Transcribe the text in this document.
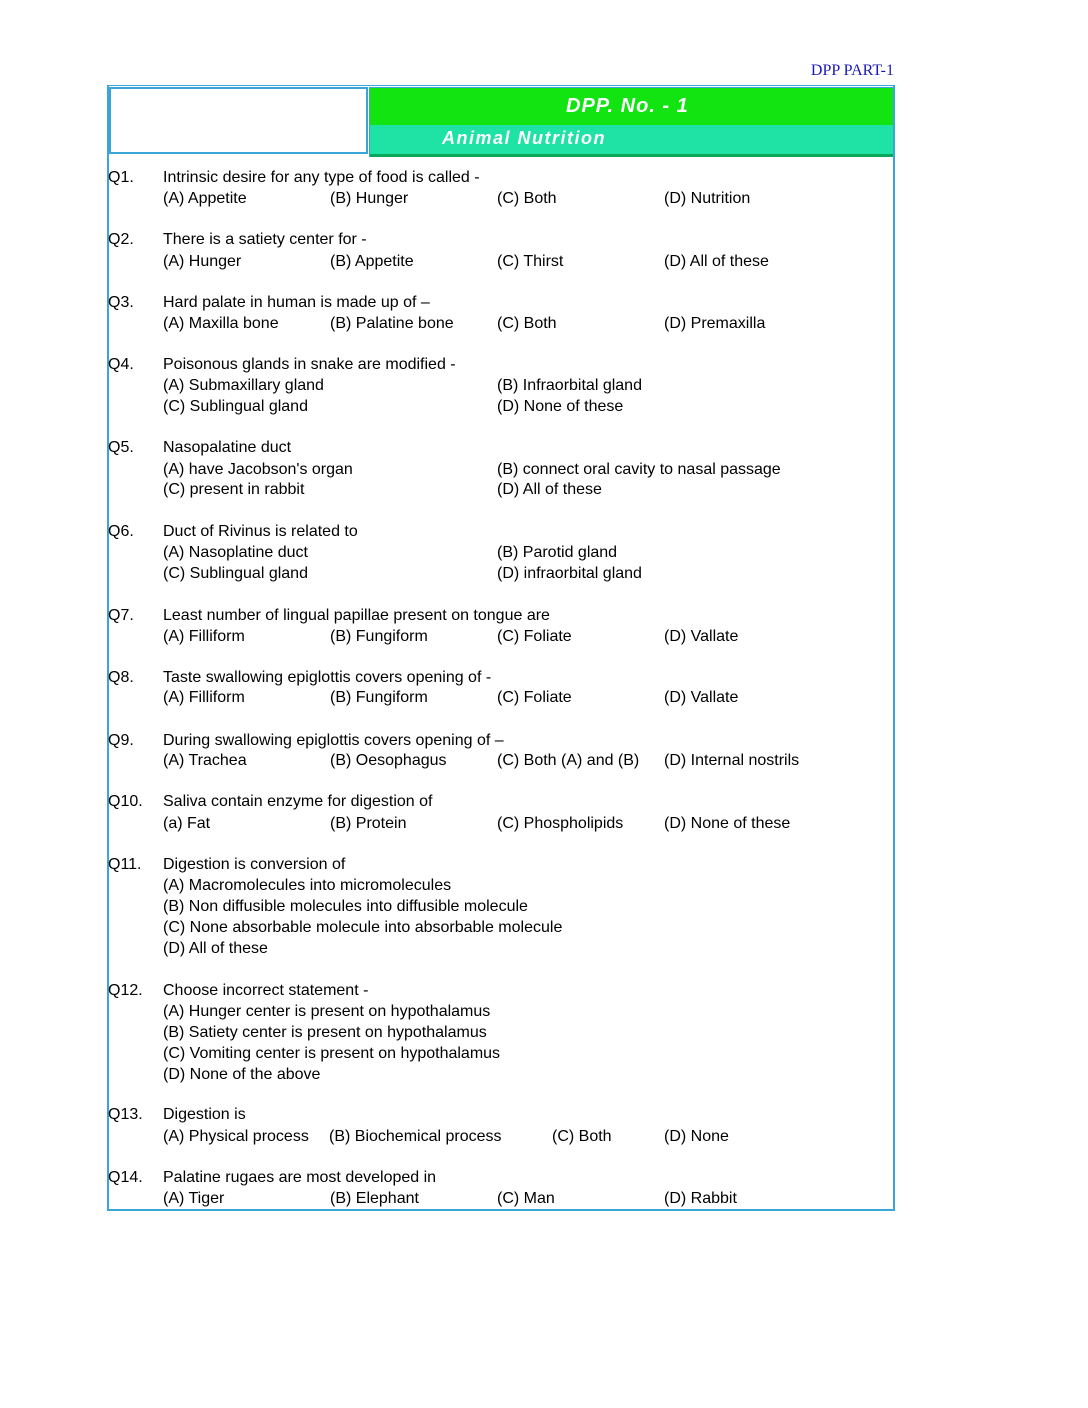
DPP PART-1
DPP. No. - 1
Animal Nutrition
Q1. Intrinsic desire for any type of food is called -
(A) Appetite	(B) Hunger	(C) Both	(D) Nutrition
Q2. There is a satiety center for -
(A) Hunger	(B) Appetite	(C) Thirst	(D) All of these
Q3. Hard palate in human is made up of –
(A) Maxilla bone	(B) Palatine bone	(C) Both	(D) Premaxilla
Q4. Poisonous glands in snake are modified -
(A) Submaxillary gland	(B) Infraorbital gland
(C) Sublingual gland	(D) None of these
Q5. Nasopalatine duct
(A) have Jacobson's organ	(B) connect oral cavity to nasal passage
(C) present in rabbit	(D) All of these
Q6. Duct of Rivinus is related to
(A) Nasoplatine duct	(B) Parotid gland
(C) Sublingual gland	(D) infraorbital gland
Q7. Least number of lingual papillae present on tongue are
(A) Filliform	(B) Fungiform	(C) Foliate	(D) Vallate
Q8. Taste swallowing epiglottis covers opening of -
(A) Filliform	(B) Fungiform	(C) Foliate	(D) Vallate
Q9. During swallowing epiglottis covers opening of –
(A) Trachea	(B) Oesophagus	(C) Both (A) and (B) (D) Internal nostrils
Q10. Saliva contain enzyme for digestion of
(a) Fat	(B) Protein	(C) Phospholipids	(D) None of these
Q11. Digestion is conversion of
(A) Macromolecules into micromolecules
(B) Non diffusible molecules into diffusible molecule
(C) None absorbable molecule into absorbable molecule
(D) All of these
Q12. Choose incorrect statement -
(A) Hunger center is present on hypothalamus
(B) Satiety center is present on hypothalamus
(C) Vomiting center is present on hypothalamus
(D) None of the above
Q13. Digestion is
(A) Physical process (B) Biochemical process	(C) Both	(D) None
Q14. Palatine rugaes are most developed in
(A) Tiger	(B) Elephant	(C) Man	(D) Rabbit
